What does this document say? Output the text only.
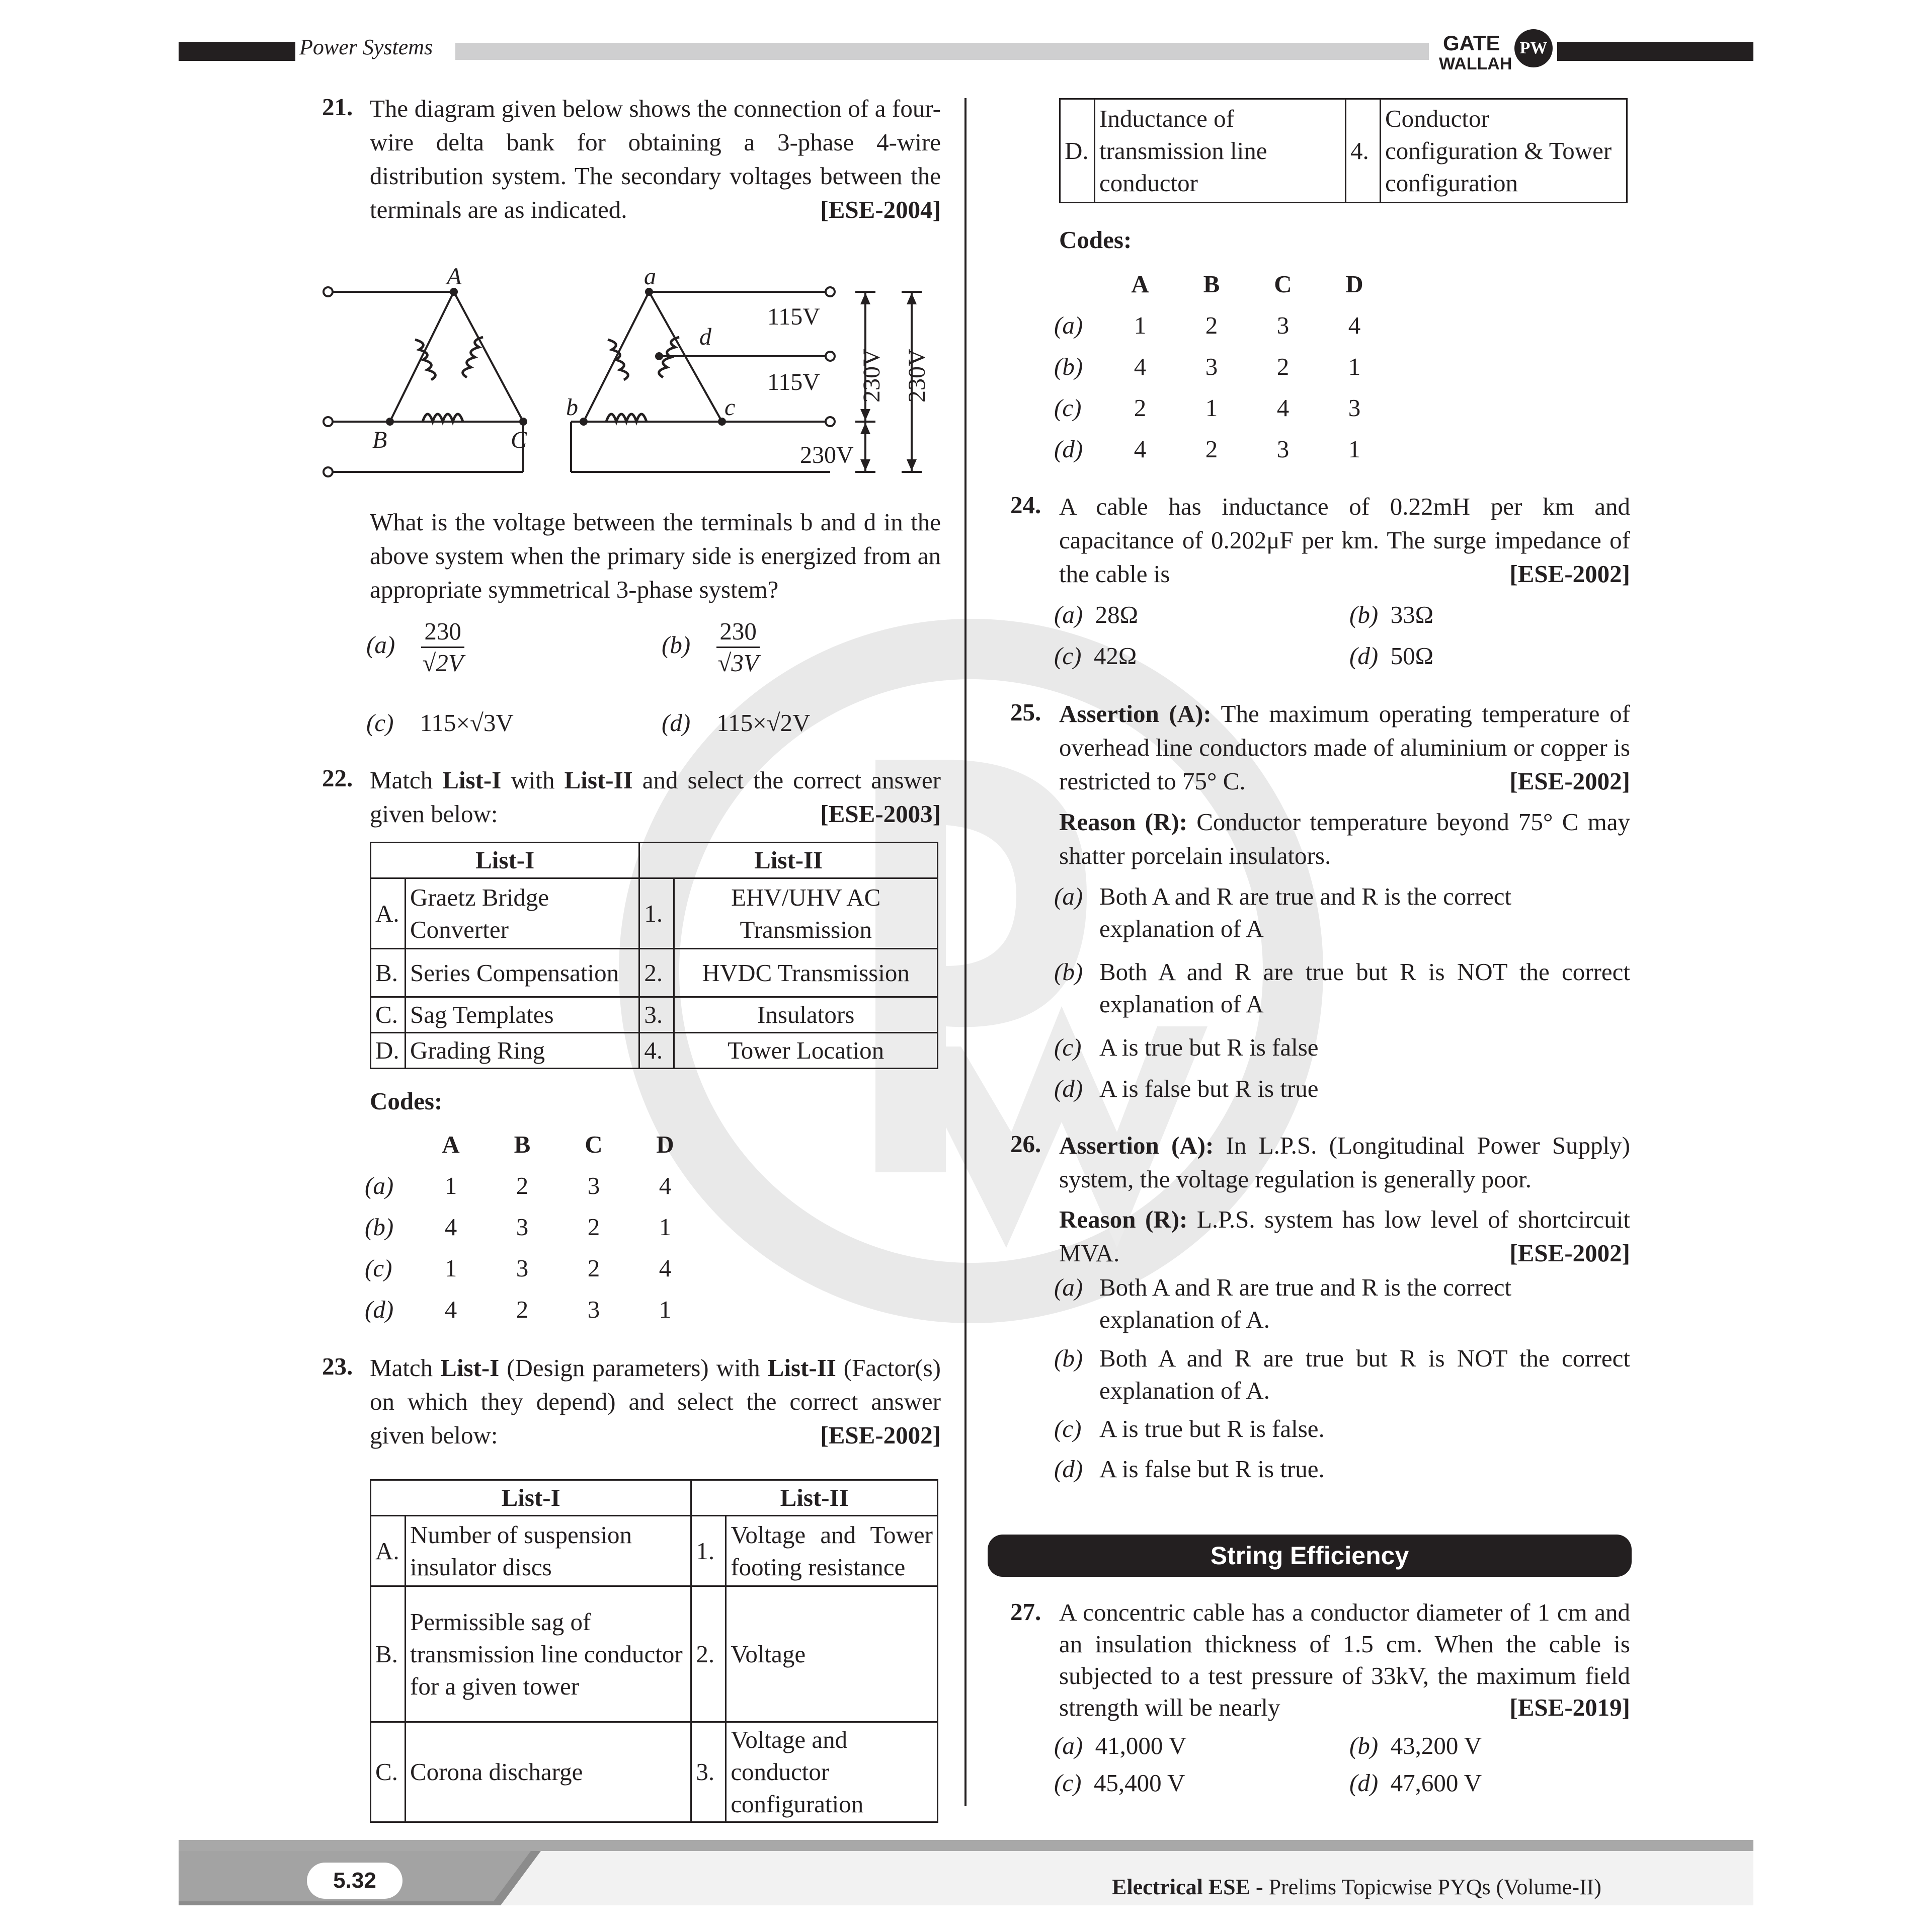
Power Systems	GATE
WALLAH
PW
21. The diagram given below shows the connection of a four-wire delta bank for obtaining a 3-phase 4-wire distribution system. The secondary voltages between the terminals are as indicated.	[ESE-2004]
A
B	C
a
b	c
d
115V
115V
230V
230V 230V
What is the voltage between the terminals b and d in the above system when the primary side is energized from an appropriate symmetrical 3-phase system?
$(a) \frac{230}{√2V}$	$(b) \frac{230}{√3V}$
(c) 115×√3V	(d) 115×√2V
22. Match List-I with List-II and select the correct answer given below:	[ESE-2003]
List-I		List-II	
A.	Graetz Bridge Converter	1.	EHV/UHV AC Transmission
B.	Series Compensation	2.	HVDC Transmission
C.	Sag Templates	3.	Insulators
D.	Grading Ring	4.	Tower Location
Codes:
	A	B	C	D
(a)	1	2	3	4
(b)	4	3	2	1
(c)	1	3	2	4
(d)	4	2	3	1
23. Match List-I (Design parameters) with List-II (Factor(s) on which they depend) and select the correct answer given below:	[ESE-2002]
List-I		List-II	
A.	Number of suspension insulator discs	1.	Voltage and Tower footing resistance
B.	Permissible sag of transmission line conductor for a given tower	2.	Voltage
C.	Corona discharge	3.	Voltage and conductor configuration
D.	Inductance of transmission line conductor	4.	Conductor configuration & Tower configuration
Codes:
	A	B	C	D
(a)	1	2	3	4
(b)	4	3	2	1
(c)	2	1	4	3
(d)	4	2	3	1
24. A cable has inductance of 0.22mH per km and capacitance of 0.202μF per km. The surge impedance of the cable is	[ESE-2002]
(a) 28Ω	(b) 33Ω
(c) 42Ω	(d) 50Ω
25. Assertion (A): The maximum operating temperature of overhead line conductors made of aluminium or copper is restricted to 75° C.	[ESE-2002]
Reason (R): Conductor temperature beyond 75° C may shatter porcelain insulators.
(a) Both A and R are true and R is the correct explanation of A
(b) Both A and R are true but R is NOT the correct explanation of A
(c) A is true but R is false
(d) A is false but R is true
26. Assertion (A): In L.P.S. (Longitudinal Power Supply) system, the voltage regulation is generally poor.
Reason (R): L.P.S. system has low level of shortcircuit MVA.	[ESE-2002]
(a) Both A and R are true and R is the correct explanation of A.
(b) Both A and R are true but R is NOT the correct explanation of A.
(c) A is true but R is false.
(d) A is false but R is true.
String Efficiency
27. A concentric cable has a conductor diameter of 1 cm and an insulation thickness of 1.5 cm. When the cable is subjected to a test pressure of 33kV, the maximum field strength will be nearly	[ESE-2019]
(a) 41,000 V	(b) 43,200 V
(c) 45,400 V	(d) 47,600 V
5.32	Electrical ESE - Prelims Topicwise PYQs (Volume-II)
